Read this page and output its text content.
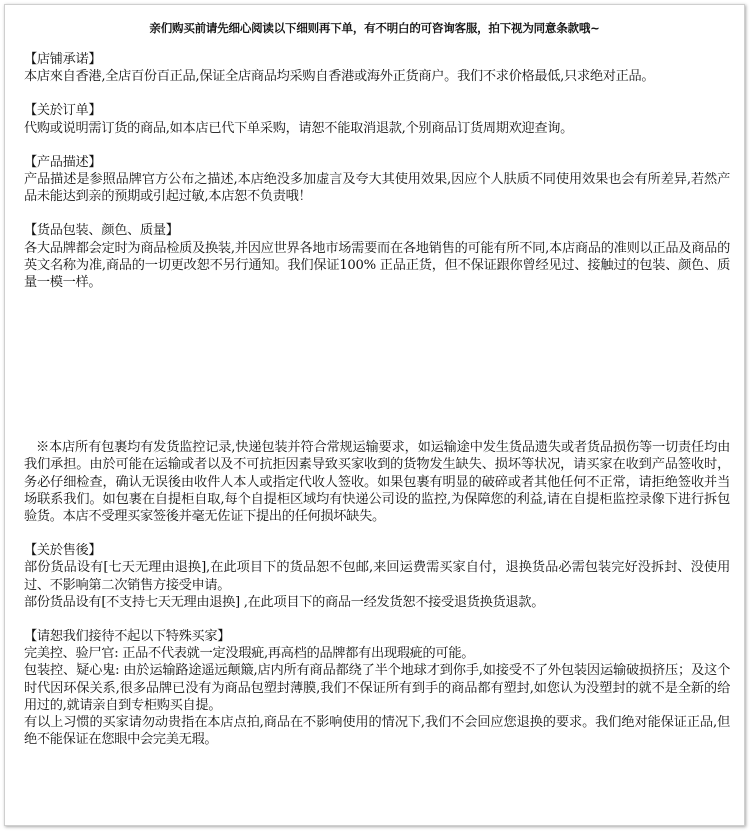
亲们购买前请先细心阅读以下细则再下单，有不明白的可咨询客服，拍下视为同意条款哦~
【店铺承诺】
本店來自香港,全店百份百正品,保证全店商品均采购自香港或海外正货商户。我们不求价格最低,只求绝对正品。
【关於订单】
代购或说明需订货的商品,如本店已代下单采购，请恕不能取消退款,个别商品订货周期欢迎查询。
【产品描述】
产品描述是参照品牌官方公布之描述,本店绝没多加虚言及夸大其使用效果,因应个人肤质不同使用效果也会有所差异,若然产品未能达到亲的预期或引起过敏,本店恕不负责哦！
【货品包装、颜色、质量】
各大品牌都会定时为商品检质及换装,并因应世界各地市场需要而在各地销售的可能有所不同,本店商品的准则以正品及商品的英文名称为准,商品的一切更改恕不另行通知。我们保证100% 正品正货，但不保证跟你曾经见过、接触过的包装、颜色、质量一模一样。
※本店所有包裹均有发货监控记录,快递包装并符合常规运输要求，如运输途中发生货品遗失或者货品损伤等一切责任均由我们承担。由於可能在运输或者以及不可抗拒因素导致买家收到的货物发生缺失、损坏等状况，请买家在收到产品签收时，务必仔细检查，确认无误後由收件人本人或指定代收人签收。如果包裹有明显的破碎或者其他任何不正常，请拒绝签收并当场联系我们。如包裹在自提柜自取,每个自提柜区域均有快递公司设的监控,为保障您的利益,请在自提柜监控录像下进行拆包验货。本店不受理买家签後并毫无佐证下提出的任何损坏缺失。
【关於售後】
部份货品设有[七天无理由退换],在此项目下的货品恕不包邮,来回运费需买家自付，退换货品必需包装完好没拆封、没使用过、不影响第二次销售方接受申请。
部份货品设有[不支持七天无理由退换] ,在此项目下的商品一经发货恕不接受退货换货退款。
【请恕我们接待不起以下特殊买家】
完美控、验尸官: 正品不代表就一定没瑕疵,再高档的品牌都有出现瑕疵的可能。
包装控、疑心鬼: 由於运输路途遥远颠簸,店内所有商品都绕了半个地球才到你手,如接受不了外包装因运输破损挤压；及这个时代因环保关系,很多品牌已没有为商品包塑封薄膜,我们不保证所有到手的商品都有塑封,如您认为没塑封的就不是全新的给用过的,就请亲自到专柜购买自提。
有以上习惯的买家请勿动贵指在本店点拍,商品在不影响使用的情况下,我们不会回应您退换的要求。我们绝对能保证正品,但绝不能保证在您眼中会完美无瑕。
